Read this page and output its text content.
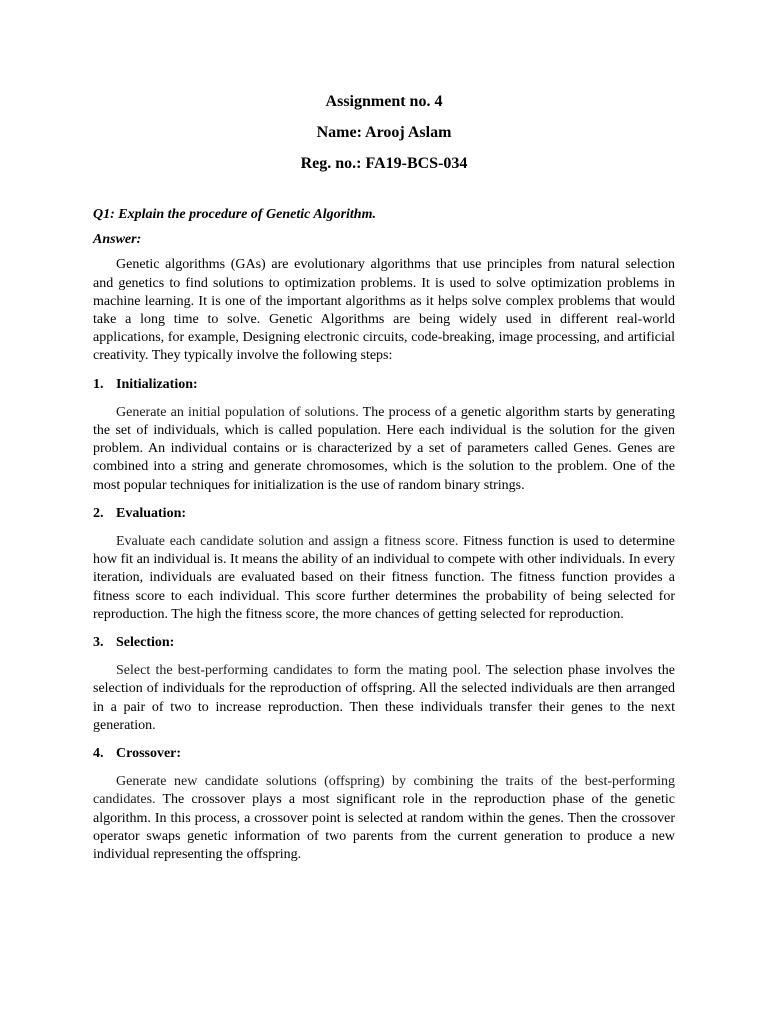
Assignment no. 4

Name: Arooj Aslam

Reg. no.: FA19-BCS-034

Q1: Explain the procedure of Genetic Algorithm.

Answer:

Genetic algorithms (GAs) are evolutionary algorithms that use principles from natural selection and genetics to find solutions to optimization problems. It is used to solve optimization problems in machine learning. It is one of the important algorithms as it helps solve complex problems that would take a long time to solve. Genetic Algorithms are being widely used in different real-world applications, for example, Designing electronic circuits, code-breaking, image processing, and artificial creativity. They typically involve the following steps:

1. Initialization:

Generate an initial population of solutions. The process of a genetic algorithm starts by generating the set of individuals, which is called population. Here each individual is the solution for the given problem. An individual contains or is characterized by a set of parameters called Genes. Genes are combined into a string and generate chromosomes, which is the solution to the problem. One of the most popular techniques for initialization is the use of random binary strings.

2. Evaluation:

Evaluate each candidate solution and assign a fitness score. Fitness function is used to determine how fit an individual is. It means the ability of an individual to compete with other individuals. In every iteration, individuals are evaluated based on their fitness function. The fitness function provides a fitness score to each individual. This score further determines the probability of being selected for reproduction. The high the fitness score, the more chances of getting selected for reproduction.

3. Selection:

Select the best-performing candidates to form the mating pool. The selection phase involves the selection of individuals for the reproduction of offspring. All the selected individuals are then arranged in a pair of two to increase reproduction. Then these individuals transfer their genes to the next generation.

4. Crossover:

Generate new candidate solutions (offspring) by combining the traits of the best-performing candidates. The crossover plays a most significant role in the reproduction phase of the genetic algorithm. In this process, a crossover point is selected at random within the genes. Then the crossover operator swaps genetic information of two parents from the current generation to produce a new individual representing the offspring.
